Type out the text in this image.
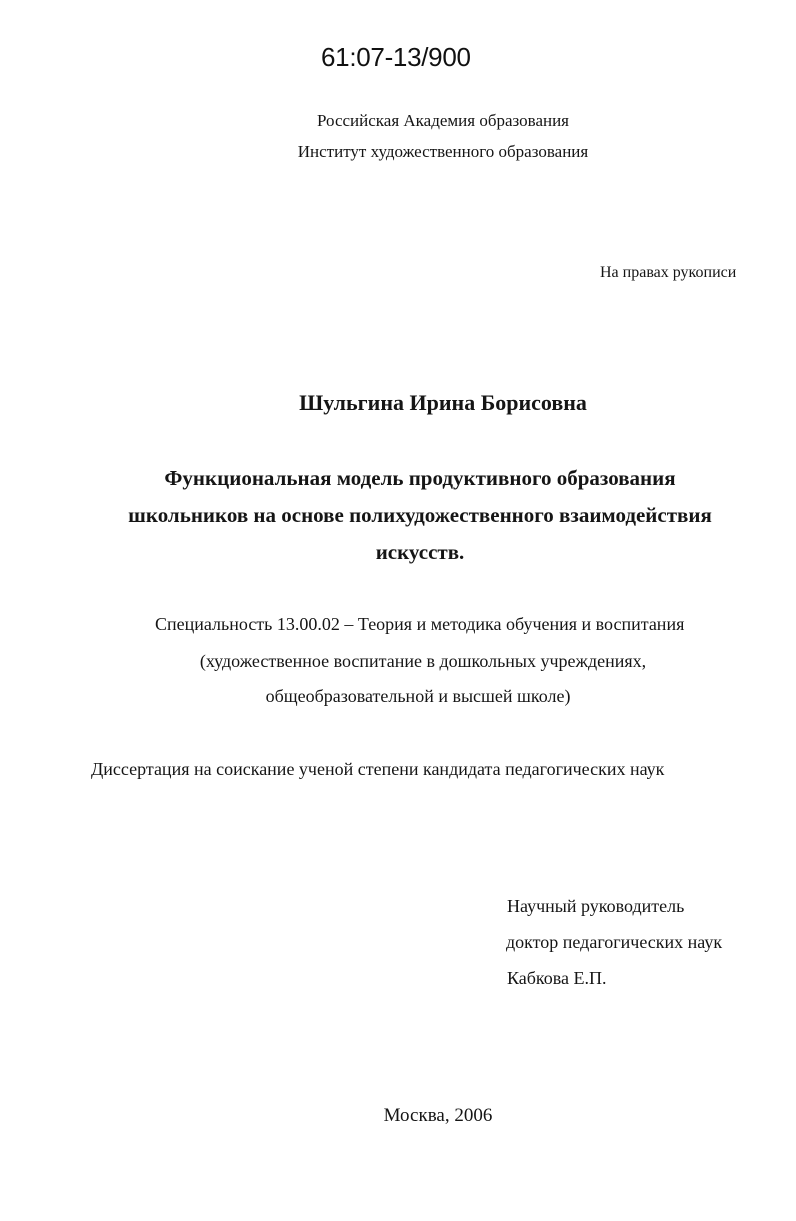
61:07-13/900
Российская Академия образования
Институт художественного образования
На правах рукописи
Шульгина Ирина Борисовна
Функциональная модель продуктивного образования
школьников на основе полихудожественного взаимодействия
искусств.
Специальность 13.00.02 – Теория и методика обучения и воспитания
(художественное воспитание в дошкольных учреждениях,
общеобразовательной и высшей школе)
Диссертация на соискание ученой степени кандидата педагогических наук
Научный руководитель
доктор педагогических наук
Кабкова Е.П.
Москва, 2006
